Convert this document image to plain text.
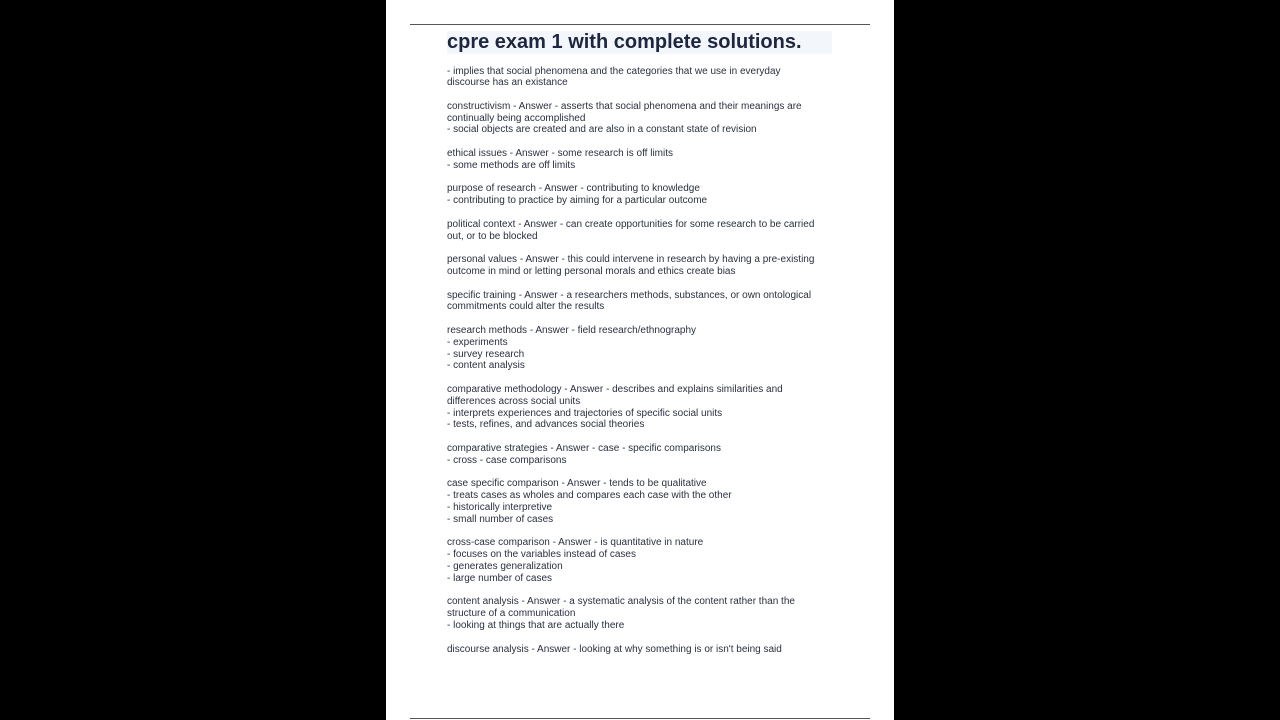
cpre exam 1 with complete solutions.
- implies that social phenomena and the categories that we use in everyday
discourse has an existance
constructivism - Answer - asserts that social phenomena and their meanings are
continually being accomplished
- social objects are created and are also in a constant state of revision
ethical issues - Answer - some research is off limits
- some methods are off limits
purpose of research - Answer - contributing to knowledge
- contributing to practice by aiming for a particular outcome
political context - Answer - can create opportunities for some research to be carried
out, or to be blocked
personal values - Answer - this could intervene in research by having a pre-existing
outcome in mind or letting personal morals and ethics create bias
specific training - Answer - a researchers methods, substances, or own ontological
commitments could alter the results
research methods - Answer - field research/ethnography
- experiments
- survey research
- content analysis
comparative methodology - Answer - describes and explains similarities and
differences across social units
- interprets experiences and trajectories of specific social units
- tests, refines, and advances social theories
comparative strategies - Answer - case - specific comparisons
- cross - case comparisons
case specific comparison - Answer - tends to be qualitative
- treats cases as wholes and compares each case with the other
- historically interpretive
- small number of cases
cross-case comparison - Answer - is quantitative in nature
- focuses on the variables instead of cases
- generates generalization
- large number of cases
content analysis - Answer - a systematic analysis of the content rather than the
structure of a communication
- looking at things that are actually there
discourse analysis - Answer - looking at why something is or isn't being said
